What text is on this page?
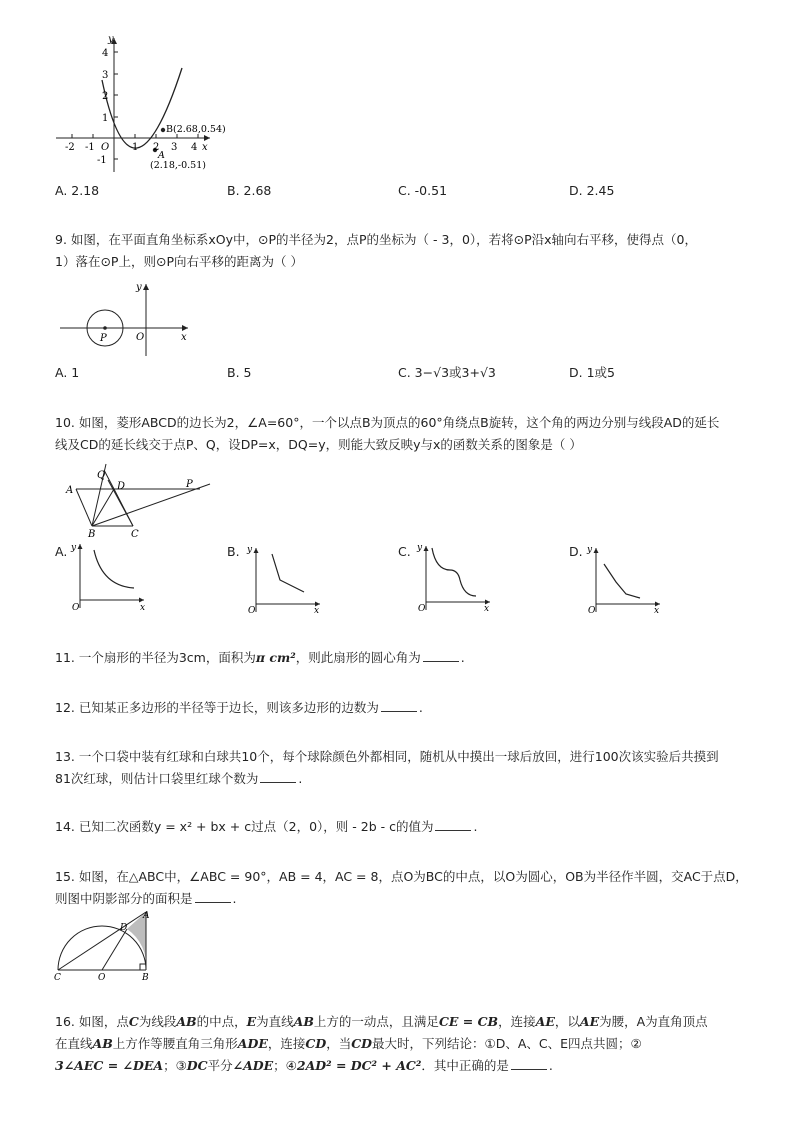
y
x
O
4
3
2
1
-1
-2 -1	1 2 3 4
B(2.68,0.54)
A
(2.18,-0.51)
A. 2.18	B. 2.68	C. -0.51	D. 2.45
9. 如图，在平面直角坐标系xOy中，⊙P的半径为2，点P的坐标为（ - 3，0），若将⊙P沿x轴向右平移，使得点（0，
1）落在⊙P上，则⊙P向右平移的距离为（ ）
y
x
O
P
A. 1	B. 5	C. 3−√3或3+√3	D. 1或5
10. 如图，菱形ABCD的边长为2，∠A=60°，一个以点B为顶点的60°角绕点B旋转，这个角的两边分别与线段AD的延长
线及CD的延长线交于点P、Q，设DP=x，DQ=y，则能大致反映y与x的函数关系的图象是（ ）
Q
A	D	P
B	C
A. y
x
O
B. y
x
O
C. y
x
O
D. y
x
O
11. 一个扇形的半径为3cm，面积为π cm²，则此扇形的圆心角为	.
12. 已知某正多边形的半径等于边长，则该多边形的边数为	.
13. 一个口袋中装有红球和白球共10个，每个球除颜色外都相同，随机从中摸出一球后放回，进行100次该实验后共摸到
81次红球，则估计口袋里红球个数为	.
14. 已知二次函数y = x² + bx + c过点（2，0），则 - 2b - c的值为	.
15. 如图，在△ABC中，∠ABC = 90°，AB = 4，AC = 8，点O为BC的中点，以O为圆心，OB为半径作半圆，交AC于点D，
则图中阴影部分的面积是	.
A
D
C	O	B
16. 如图，点C为线段AB的中点，E为直线AB上方的一动点，且满足CE = CB，连接AE，以AE为腰，A为直角顶点
在直线AB上方作等腰直角三角形ADE，连接CD，当CD最大时，下列结论：①D、A、C、E四点共圆；②
3∠AEC = ∠DEA；③DC平分∠ADE；④2AD² = DC² + AC²．其中正确的是	.
